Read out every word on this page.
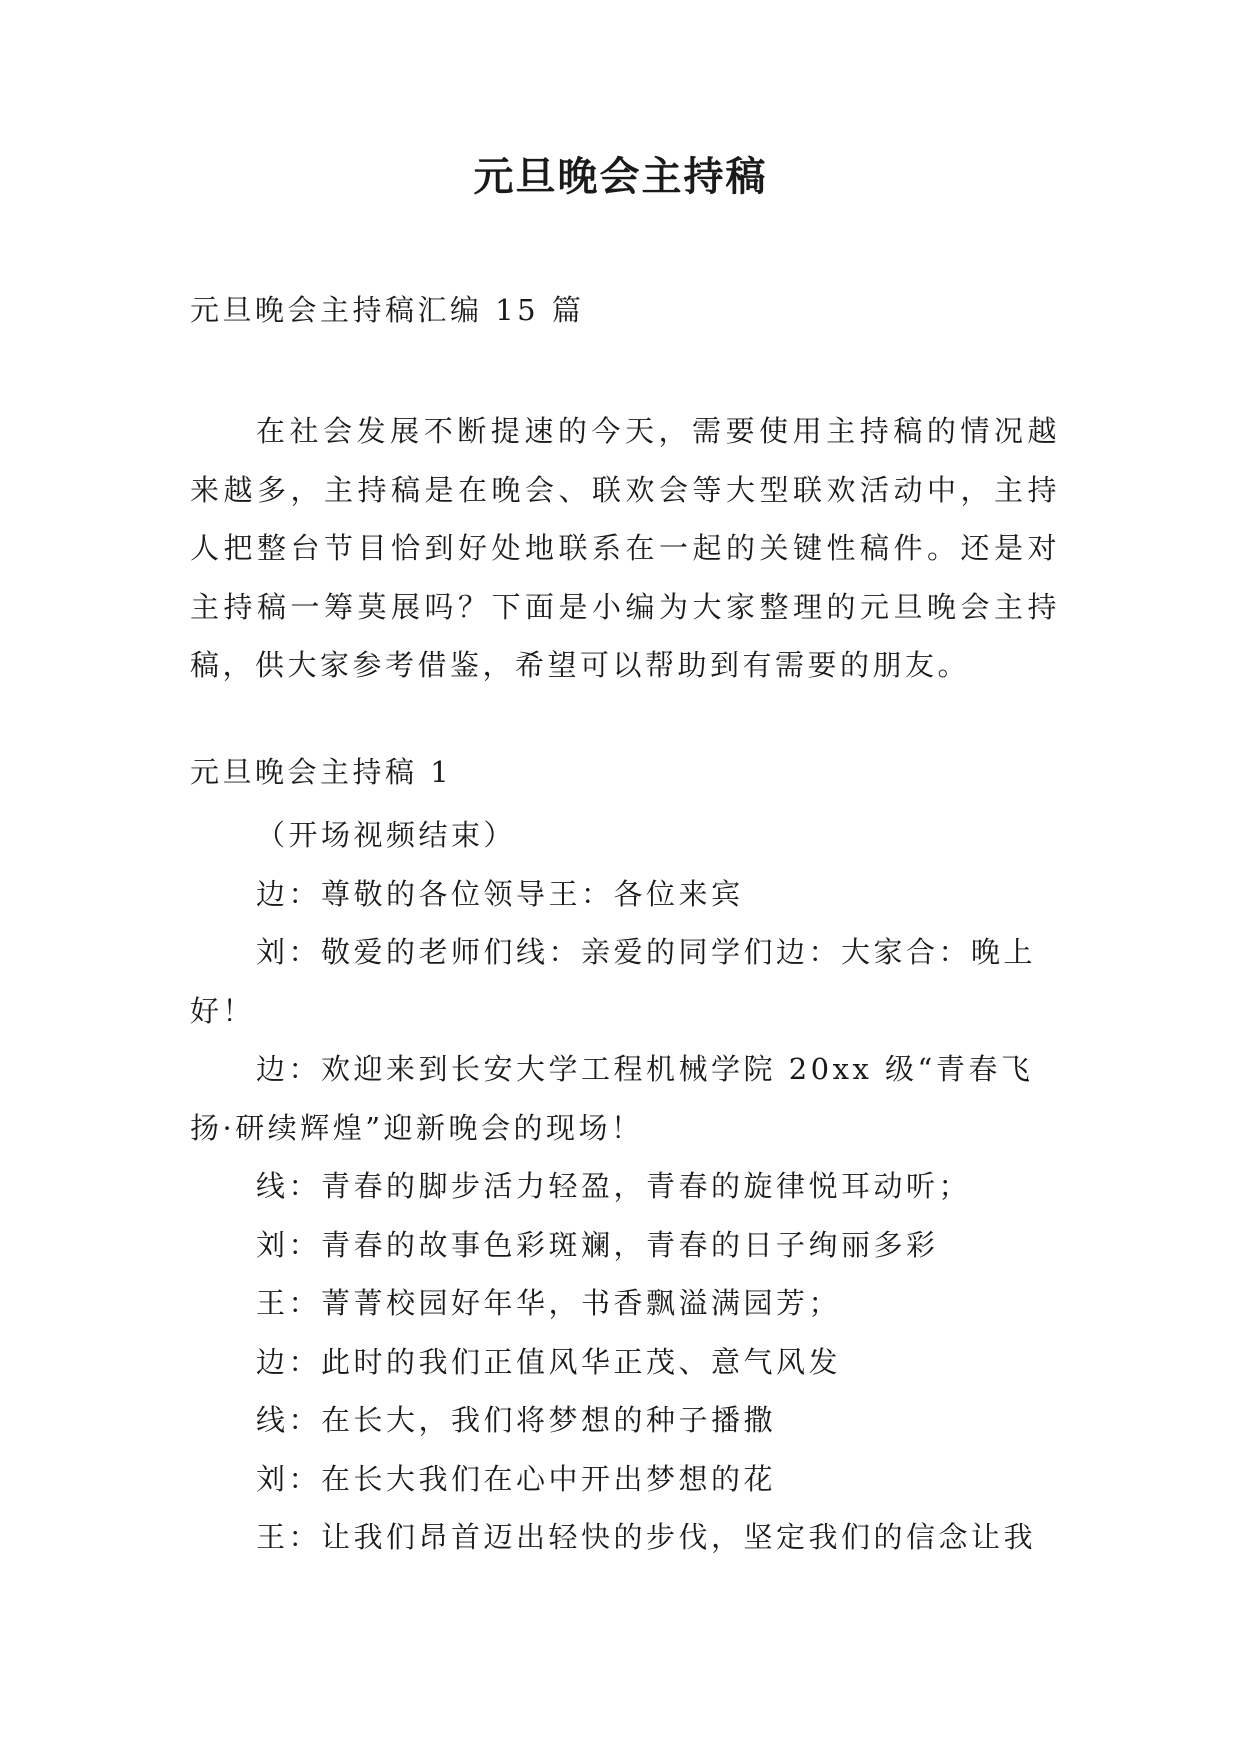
元旦晚会主持稿

元旦晚会主持稿汇编 15 篇

在社会发展不断提速的今天，需要使用主持稿的情况越来越多，主持稿是在晚会、联欢会等大型联欢活动中，主持人把整台节目恰到好处地联系在一起的关键性稿件。还是对主持稿一筹莫展吗？下面是小编为大家整理的元旦晚会主持稿，供大家参考借鉴，希望可以帮助到有需要的朋友。

元旦晚会主持稿 1

（开场视频结束）

边：尊敬的各位领导王：各位来宾

刘：敬爱的老师们线：亲爱的同学们边：大家合：晚上好！

边：欢迎来到长安大学工程机械学院 20xx 级“青春飞扬·研续辉煌”迎新晚会的现场！

线：青春的脚步活力轻盈，青春的旋律悦耳动听；

刘：青春的故事色彩斑斓，青春的日子绚丽多彩

王：菁菁校园好年华，书香飘溢满园芳；

边：此时的我们正值风华正茂、意气风发

线：在长大，我们将梦想的种子播撒

刘：在长大我们在心中开出梦想的花

王：让我们昂首迈出轻快的步伐，坚定我们的信念让我
